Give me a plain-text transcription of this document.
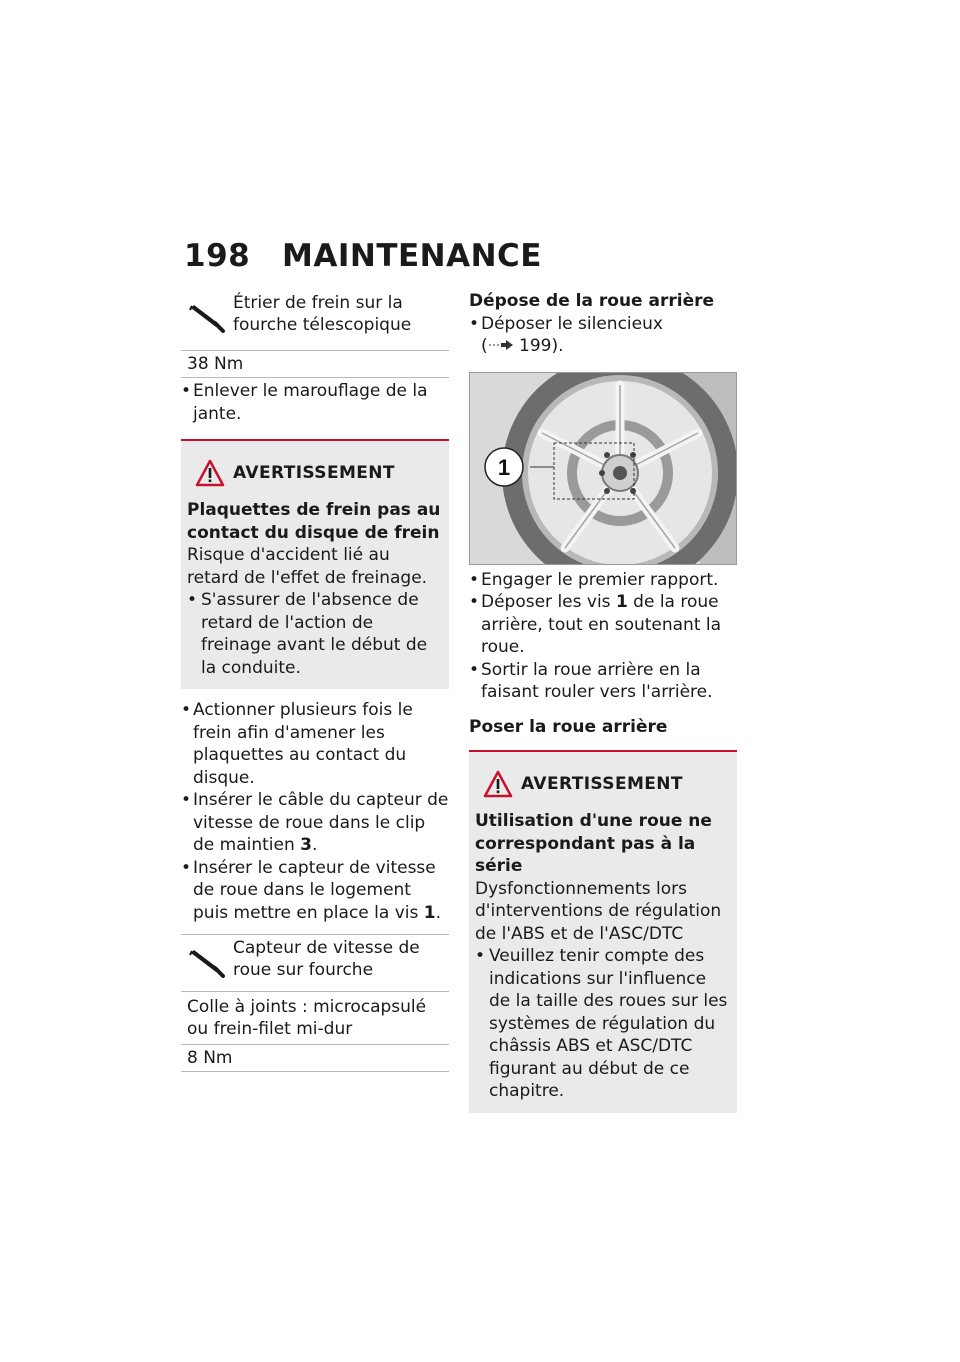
198 MAINTENANCE
Étrier de frein sur la fourche télescopique
38 Nm
• Enlever le marouflage de la jante.
AVERTISSEMENT
Plaquettes de frein pas au contact du disque de frein
Risque d'accident lié au retard de l'effet de freinage.
• S'assurer de l'absence de retard de l'action de freinage avant le début de la conduite.
• Actionner plusieurs fois le frein afin d'amener les plaquettes au contact du disque.
• Insérer le câble du capteur de vitesse de roue dans le clip de maintien 3.
• Insérer le capteur de vitesse de roue dans le logement puis mettre en place la vis 1.
Capteur de vitesse de roue sur fourche
Colle à joints : microcapsulé ou frein-filet mi-dur
8 Nm
Dépose de la roue arrière
• Déposer le silencieux
( 199).
1
• Engager le premier rapport.
• Déposer les vis 1 de la roue arrière, tout en soutenant la roue.
• Sortir la roue arrière en la faisant rouler vers l'arrière.
Poser la roue arrière
AVERTISSEMENT
Utilisation d'une roue ne correspondant pas à la série
Dysfonctionnements lors d'interventions de régulation de l'ABS et de l'ASC/DTC
• Veuillez tenir compte des indications sur l'influence de la taille des roues sur les systèmes de régulation du châssis ABS et ASC/DTC figurant au début de ce chapitre.
